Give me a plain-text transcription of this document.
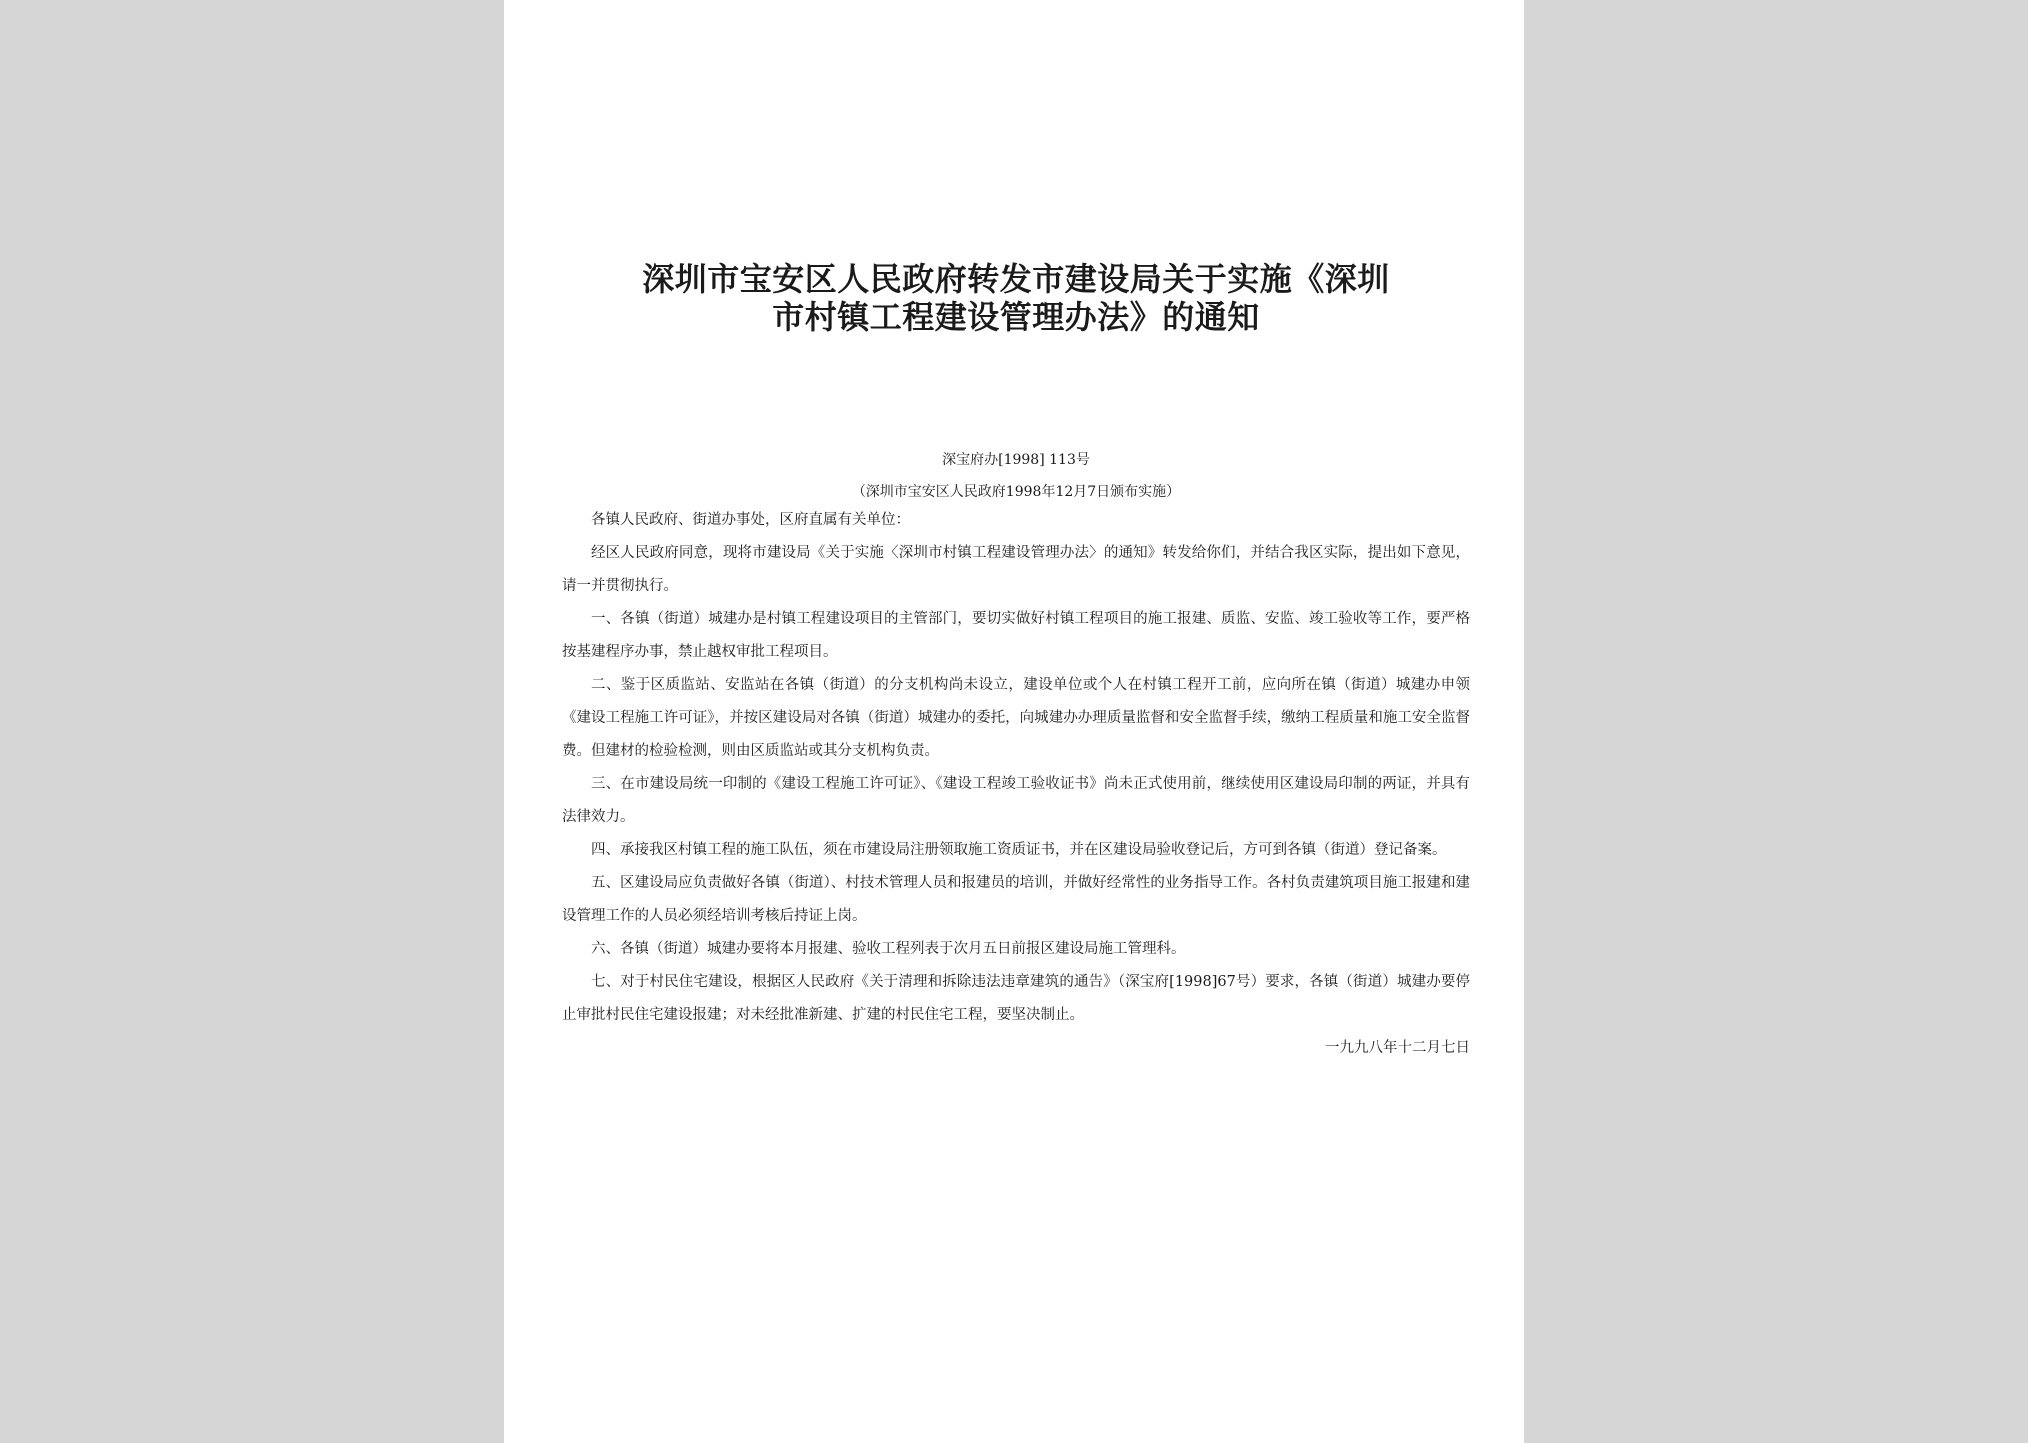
深圳市宝安区人民政府转发市建设局关于实施《深圳
市村镇工程建设管理办法》的通知
深宝府办[1998] 113号
（深圳市宝安区人民政府1998年12月7日颁布实施）

各镇人民政府、街道办事处，区府直属有关单位：

经区人民政府同意，现将市建设局《关于实施〈深圳市村镇工程建设管理办法〉的通知》转发给你们，并结合我区实际，提出如下意见，请一并贯彻执行。

一、各镇（街道）城建办是村镇工程建设项目的主管部门，要切实做好村镇工程项目的施工报建、质监、安监、竣工验收等工作，要严格按基建程序办事，禁止越权审批工程项目。

二、鉴于区质监站、安监站在各镇（街道）的分支机构尚未设立，建设单位或个人在村镇工程开工前，应向所在镇（街道）城建办申领《建设工程施工许可证》，并按区建设局对各镇（街道）城建办的委托，向城建办办理质量监督和安全监督手续，缴纳工程质量和施工安全监督费。但建材的检验检测，则由区质监站或其分支机构负责。

三、在市建设局统一印制的《建设工程施工许可证》、《建设工程竣工验收证书》尚未正式使用前，继续使用区建设局印制的两证，并具有法律效力。

四、承接我区村镇工程的施工队伍，须在市建设局注册领取施工资质证书，并在区建设局验收登记后，方可到各镇（街道）登记备案。

五、区建设局应负责做好各镇（街道）、村技术管理人员和报建员的培训，并做好经常性的业务指导工作。各村负责建筑项目施工报建和建设管理工作的人员必须经培训考核后持证上岗。

六、各镇（街道）城建办要将本月报建、验收工程列表于次月五日前报区建设局施工管理科。

七、对于村民住宅建设，根据区人民政府《关于清理和拆除违法违章建筑的通告》（深宝府[1998]67号）要求，各镇（街道）城建办要停止审批村民住宅建设报建；对未经批准新建、扩建的村民住宅工程，要坚决制止。

一九九八年十二月七日
